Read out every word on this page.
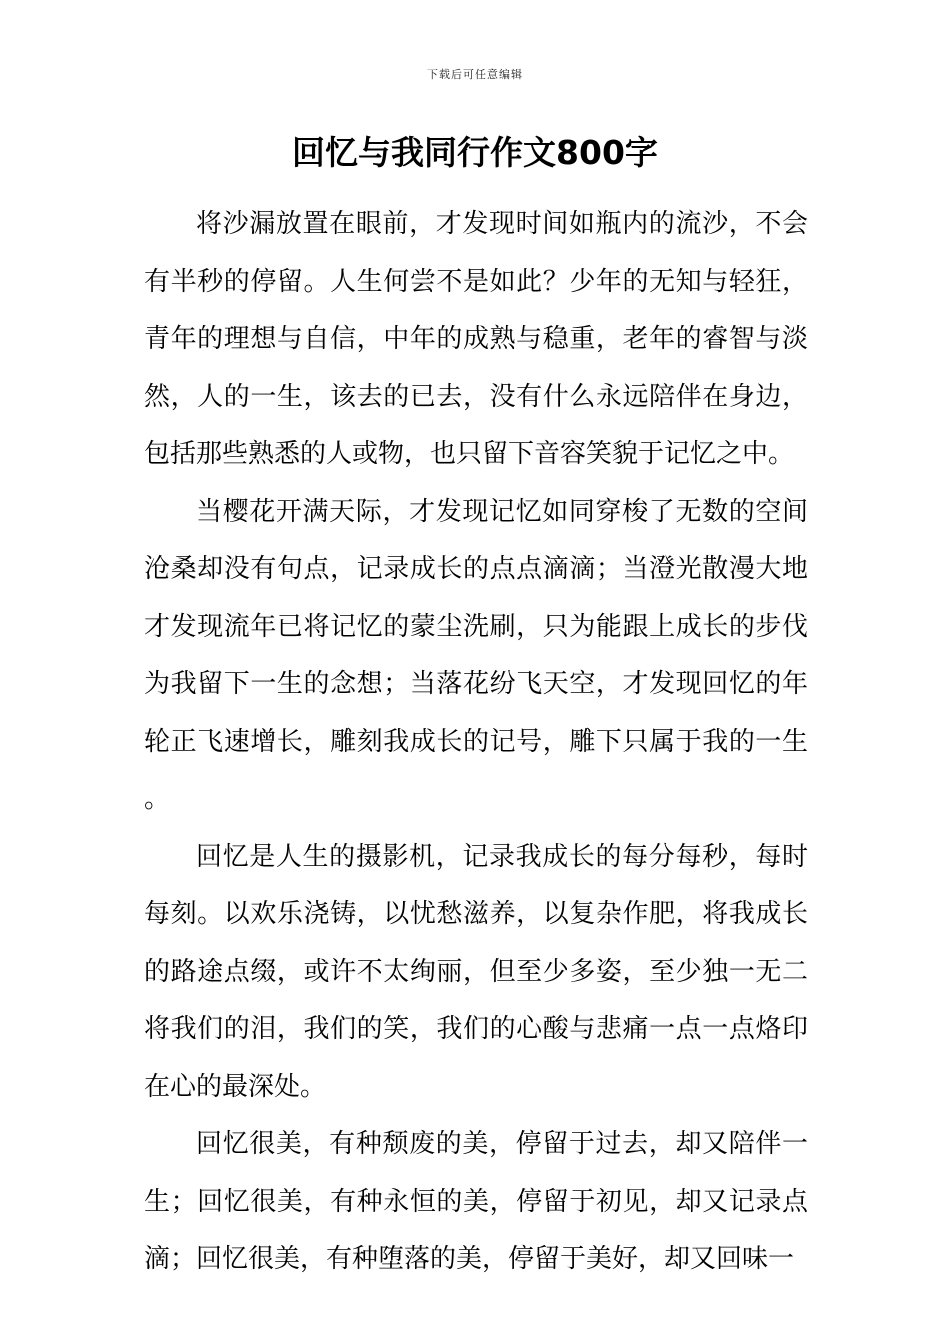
下载后可任意编辑
回忆与我同行作文800字

将沙漏放置在眼前，才发现时间如瓶内的流沙，不会有半秒的停留。人生何尝不是如此？少年的无知与轻狂，青年的理想与自信，中年的成熟与稳重，老年的睿智与淡然，人的一生，该去的已去，没有什么永远陪伴在身边，包括那些熟悉的人或物，也只留下音容笑貌于记忆之中。

当樱花开满天际，才发现记忆如同穿梭了无数的空间沧桑却没有句点，记录成长的点点滴滴；当澄光散漫大地才发现流年已将记忆的蒙尘洗刷，只为能跟上成长的步伐为我留下一生的念想；当落花纷飞天空，才发现回忆的年轮正飞速增长，雕刻我成长的记号，雕下只属于我的一生。

回忆是人生的摄影机，记录我成长的每分每秒，每时每刻。以欢乐浇铸，以忧愁滋养，以复杂作肥，将我成长的路途点缀，或许不太绚丽，但至少多姿，至少独一无二将我们的泪，我们的笑，我们的心酸与悲痛一点一点烙印在心的最深处。

回忆很美，有种颓废的美，停留于过去，却又陪伴一生；回忆很美，有种永恒的美，停留于初见，却又记录点滴；回忆很美，有种堕落的美，停留于美好，却又回味一
